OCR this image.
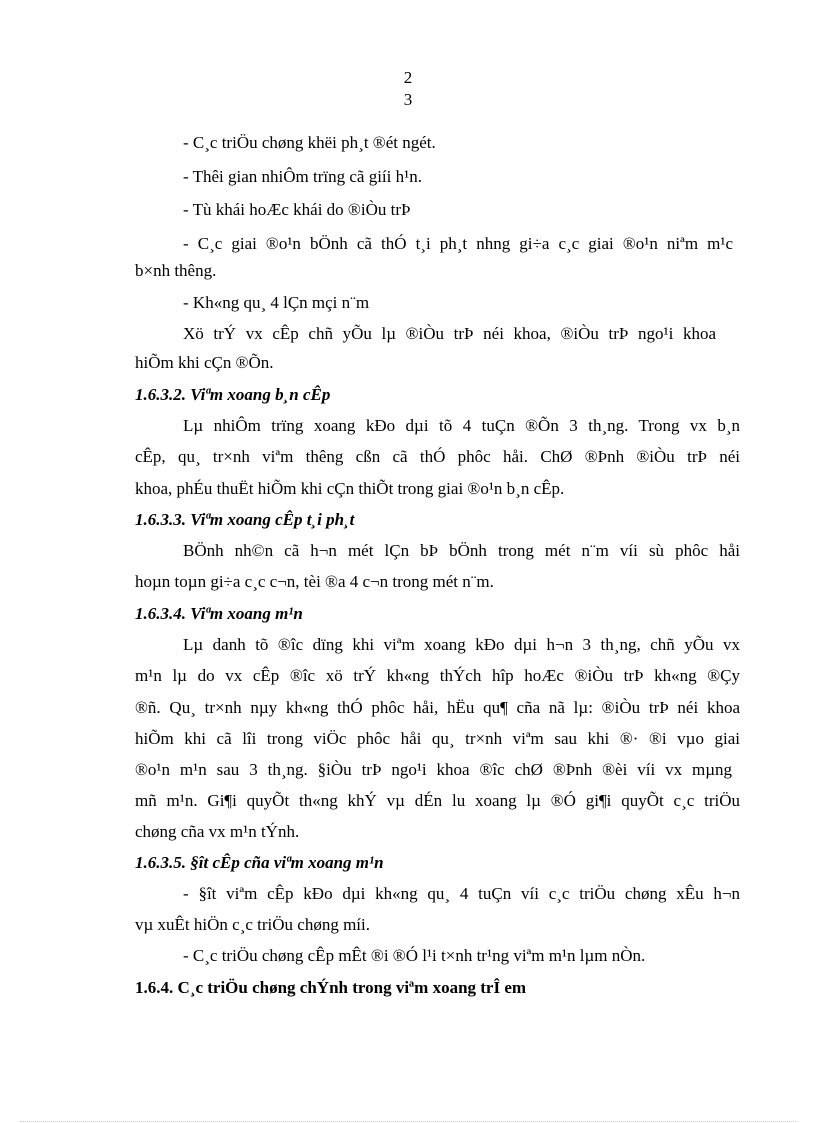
2
3
- C¸c triÖu chøng khëi ph¸t ®ét ngét.
- Thêi gian nhiÔm trïng cã giíi h¹n.
- Tù khái hoÆc khái do ®iÒu trÞ
- C¸c giai ®o¹n bÖnh cã thÓ t¸i ph¸t nhng gi÷a c¸c giai ®o¹n niªm m¹c
b×nh thêng.
- Kh«ng qu¸ 4 lÇn mçi n¨m
Xö trÝ vx cÊp chñ yÕu lµ ®iÒu trÞ néi khoa, ®iÒu trÞ ngo¹i khoa
hiÕm khi cÇn ®Õn.
1.6.3.2. Viªm xoang b¸n cÊp
Lµ nhiÔm trïng xoang kÐo dµi tõ 4 tuÇn ®Õn 3 th¸ng. Trong vx b¸n
cÊp, qu¸ tr×nh viªm thêng cßn cã thÓ phôc håi. ChØ ®Þnh ®iÒu trÞ néi
khoa, phÉu thuËt hiÕm khi cÇn thiÕt trong giai ®o¹n b¸n cÊp.
1.6.3.3. Viªm xoang cÊp t¸i ph¸t
BÖnh nh©n cã h¬n mét lÇn bÞ bÖnh trong mét n¨m víi sù phôc håi
hoµn toµn gi÷a c¸c c¬n, tèi ®a 4 c¬n trong mét n¨m.
1.6.3.4. Viªm xoang m¹n
Lµ danh tõ ®îc dïng khi viªm xoang kÐo dµi h¬n 3 th¸ng, chñ yÕu vx
m¹n lµ do vx cÊp ®îc xö trÝ kh«ng thÝch hîp hoÆc ®iÒu trÞ kh«ng ®Çy
®ñ. Qu¸ tr×nh nµy kh«ng thÓ phôc håi, hËu qu¶ cña nã lµ: ®iÒu trÞ néi khoa
hiÕm khi cã lîi trong viÖc phôc håi qu¸ tr×nh viªm sau khi ®· ®i vµo giai
®o¹n m¹n sau 3 th¸ng. §iÒu trÞ ngo¹i khoa ®îc chØ ®Þnh ®èi víi vx mµng
mñ m¹n. Gi¶i quyÕt th«ng khÝ vµ dÉn lu xoang lµ ®Ó gi¶i quyÕt c¸c triÖu
chøng cña vx m¹n tÝnh.
1.6.3.5. §ît cÊp cña viªm xoang m¹n
- §ît viªm cÊp kÐo dµi kh«ng qu¸ 4 tuÇn víi c¸c triÖu chøng xÊu h¬n
vµ xuÊt hiÖn c¸c triÖu chøng míi.
- C¸c triÖu chøng cÊp mÊt ®i ®Ó l¹i t×nh tr¹ng viªm m¹n lµm nÒn.
1.6.4. C¸c triÖu chøng chÝnh trong viªm xoang trÎ em
